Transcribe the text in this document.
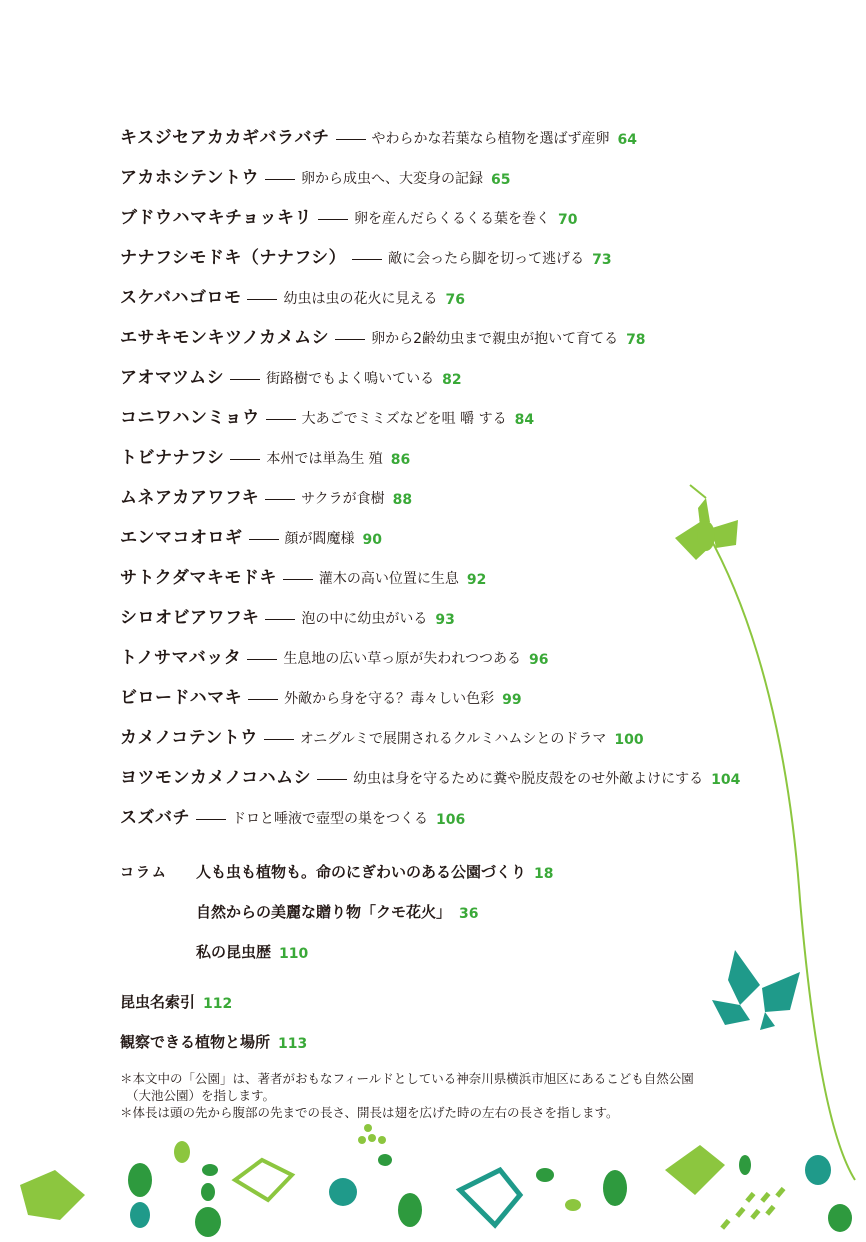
キスジセアカカギバラバチ	やわらかな若葉なら植物を選ばず産卵 64
アカホシテントウ	卵から成虫へ、大変身の記録 65
ブドウハマキチョッキリ	卵を産んだらくるくる葉を巻く 70
ナナフシモドキ（ナナフシ）	敵に会ったら脚を切って逃げる 73
スケバハゴロモ	幼虫は虫の花火に見える 76
エサキモンキツノカメムシ	卵から2齢幼虫まで親虫が抱いて育てる 78
アオマツムシ	街路樹でもよく鳴いている 82
コニワハンミョウ	大あごでミミズなどを咀 嚼 する 84
トビナナフシ	本州では単為生 殖 86
ムネアカアワフキ	サクラが食樹 88
エンマコオロギ	顔が閻魔様 90
サトクダマキモドキ	灌木の高い位置に生息 92
シロオビアワフキ	泡の中に幼虫がいる 93
トノサマバッタ	生息地の広い草っ原が失われつつある 96
ビロードハマキ	外敵から身を守る？毒々しい色彩 99
カメノコテントウ	オニグルミで展開されるクルミハムシとのドラマ 100
ヨツモンカメノコハムシ	幼虫は身を守るために糞や脱皮殻をのせ外敵よけにする 104
スズバチ	ドロと唾液で壺型の巣をつくる 106
コラム	人も虫も植物も。命のにぎわいのある公園づくり 18
自然からの美麗な贈り物「クモ花火」 36
私の昆虫歴 110
昆虫名索引 112
観察できる植物と場所 113
＊本文中の「公園」は、著者がおもなフィールドとしている神奈川県横浜市旭区にあるこども自然公園
（大池公園）を指します。
＊体長は頭の先から腹部の先までの長さ、開長は翅を広げた時の左右の長さを指します。
